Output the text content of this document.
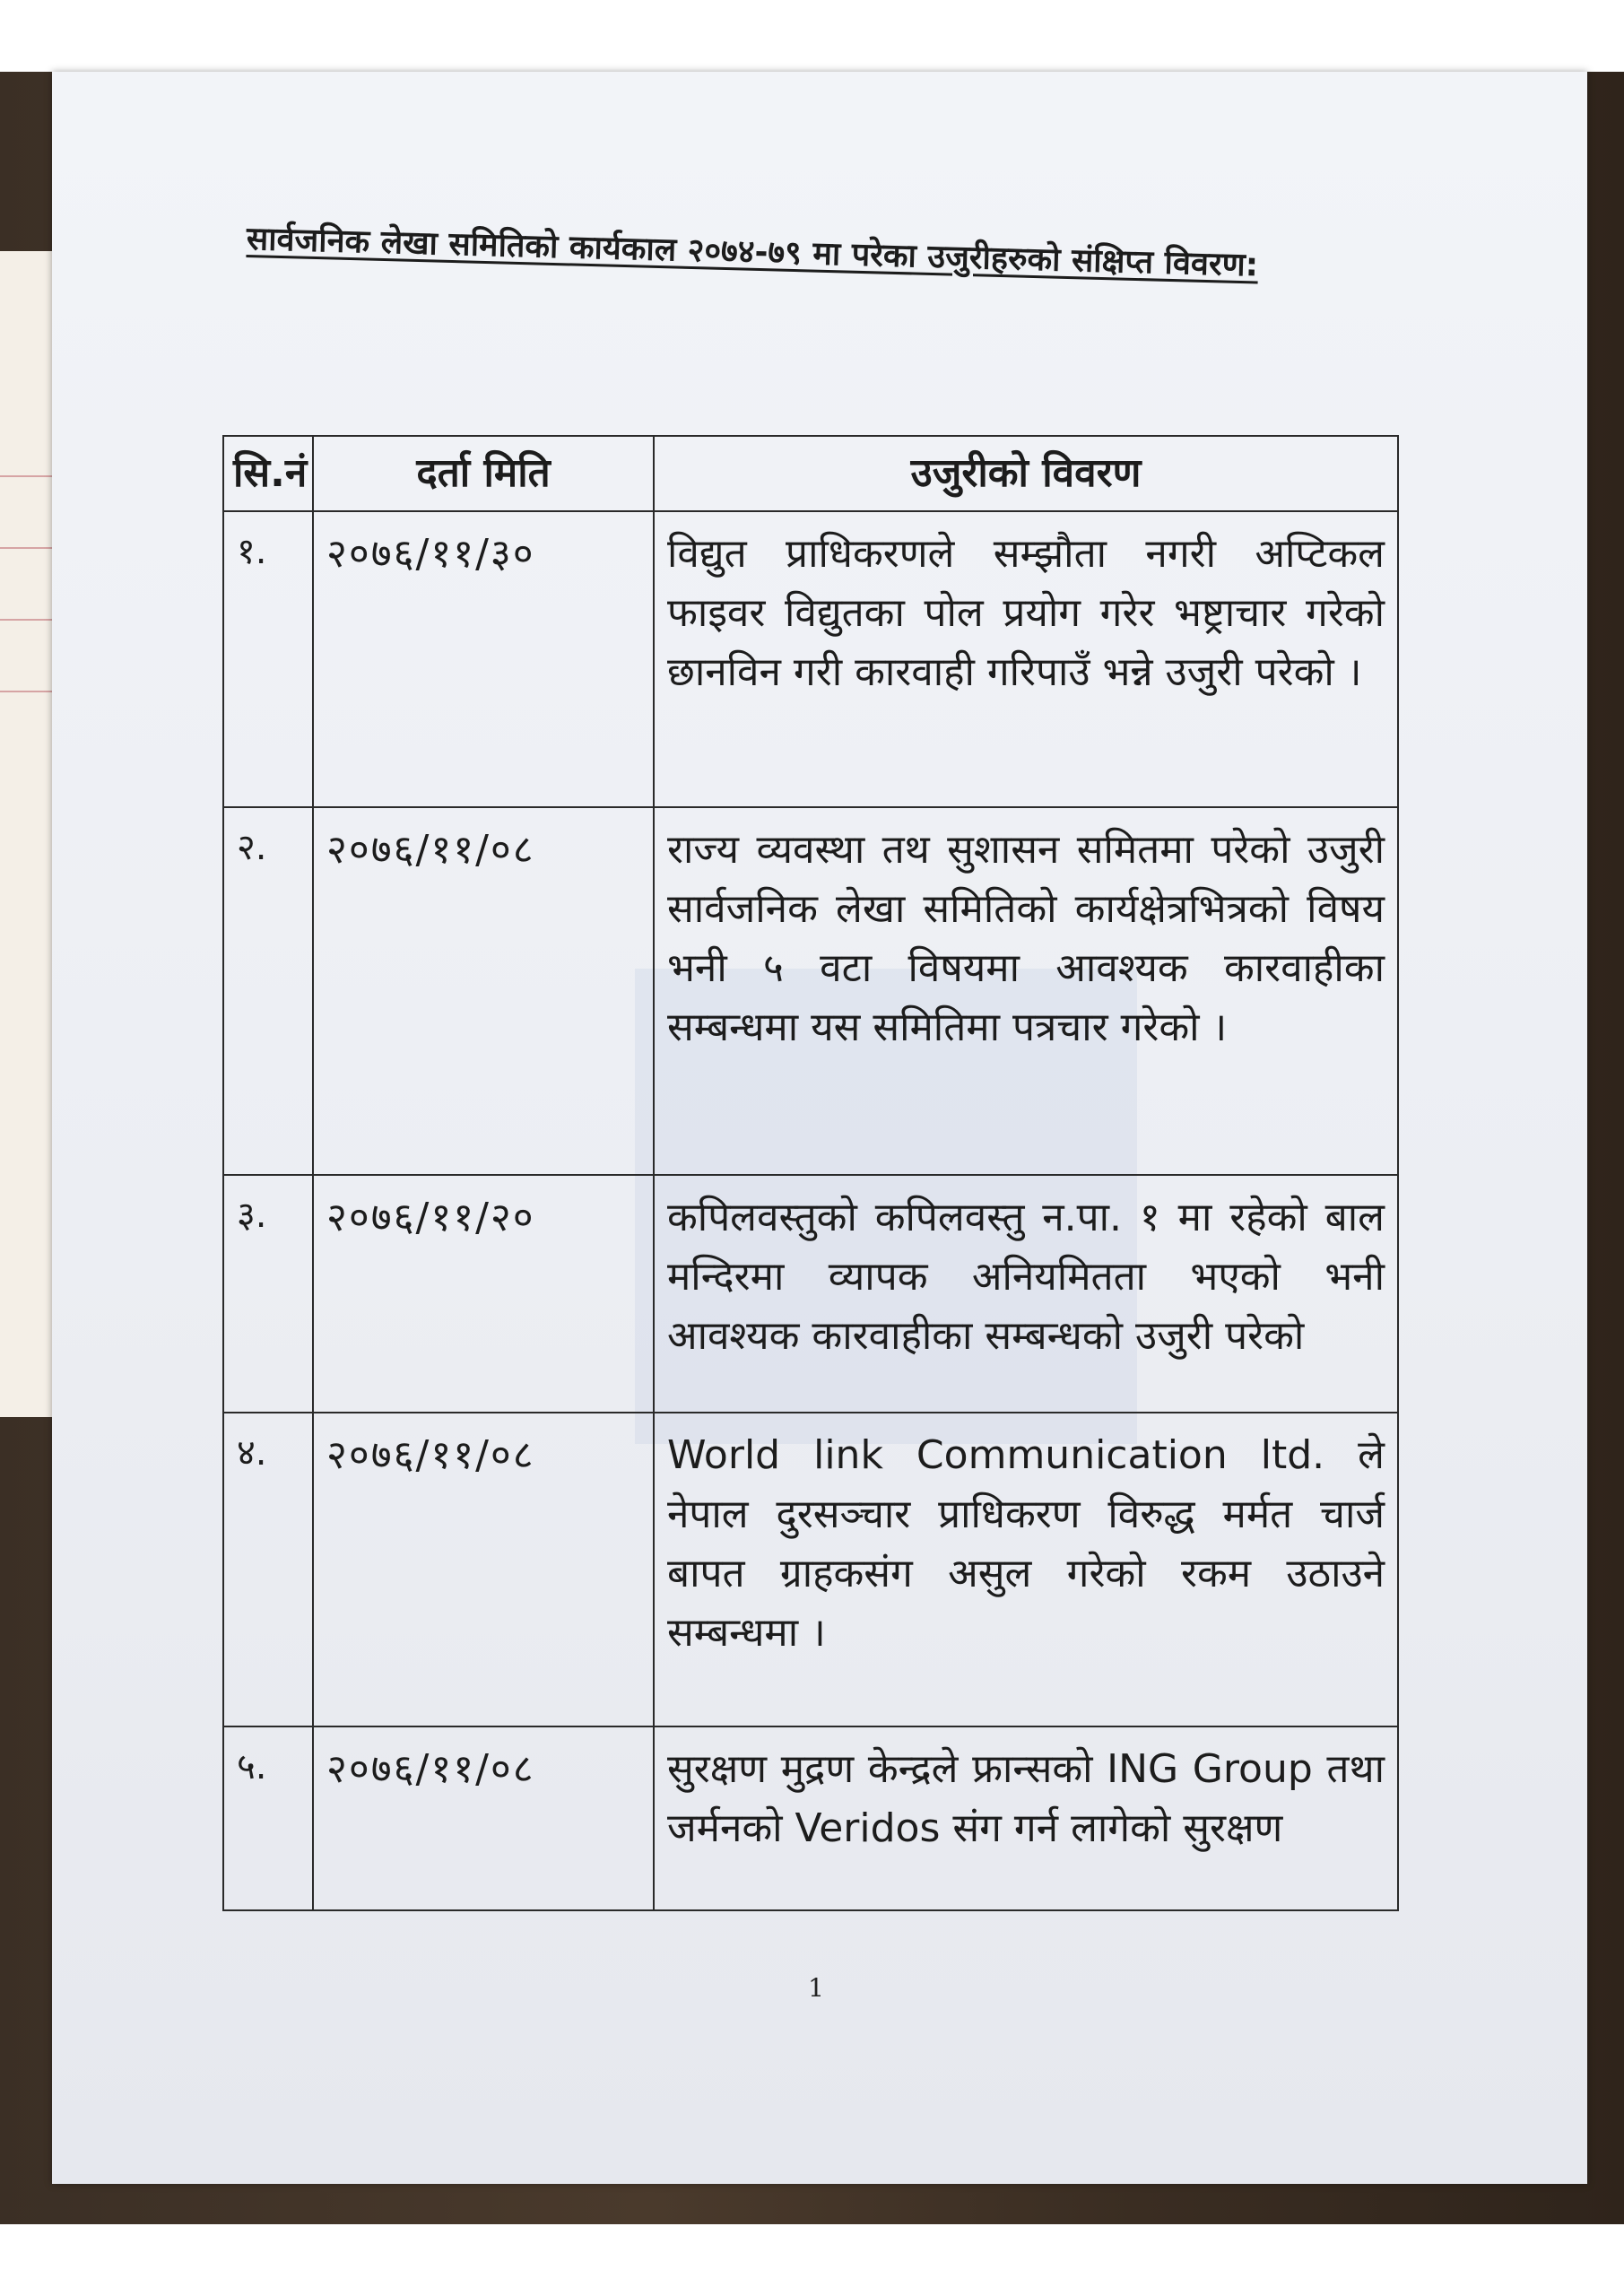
सार्वजनिक लेखा समितिको कार्यकाल २०७४-७९ मा परेका उजुरीहरुको संक्षिप्त विवरण:
सि.नं	दर्ता मिति	उजुरीको विवरण
१.	२०७६/११/३०	विद्युत प्राधिकरणले सम्झौता नगरी अप्टिकल फाइवर विद्युतका पोल प्रयोग गरेर भष्ट्राचार गरेको छानविन गरी कारवाही गरिपाउँ भन्ने उजुरी परेको ।
२.	२०७६/११/०८	राज्य व्यवस्था तथ सुशासन समितमा परेको उजुरी सार्वजनिक लेखा समितिको कार्यक्षेत्रभित्रको विषय भनी ५ वटा विषयमा आवश्यक कारवाहीका सम्बन्धमा यस समितिमा पत्रचार गरेको ।
३.	२०७६/११/२०	कपिलवस्तुको कपिलवस्तु न.पा. १ मा रहेको बाल मन्दिरमा व्यापक अनियमितता भएको भनी आवश्यक कारवाहीका सम्बन्धको उजुरी परेको
४.	२०७६/११/०८	World link Communication ltd. ले नेपाल दुरसञ्चार प्राधिकरण विरुद्ध मर्मत चार्ज बापत ग्राहकसंग असुल गरेको रकम उठाउने सम्बन्धमा ।
५.	२०७६/११/०८	सुरक्षण मुद्रण केन्द्रले फ्रान्सको ING Group तथा जर्मनको Veridos संग गर्न लागेको सुरक्षण
1
